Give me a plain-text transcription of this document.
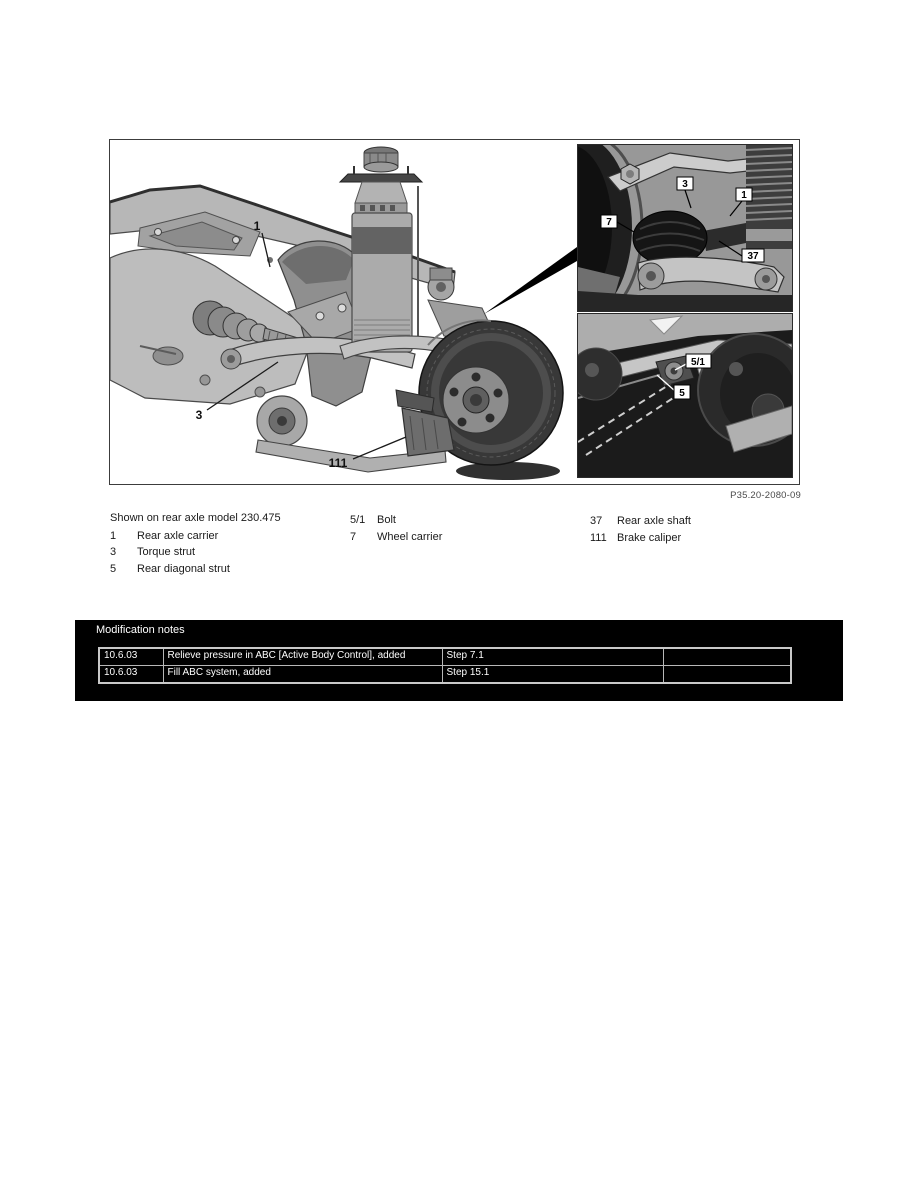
1
3
111
3
1
7
37
5/1
5
P35.20-2080-09
Shown on rear axle model 230.475
1 Rear axle carrier
3 Torque strut
5 Rear diagonal strut
5/1 Bolt
7 Wheel carrier
37 Rear axle shaft
111 Brake caliper
Modification notes
10.6.03	Relieve pressure in ABC [Active Body Control], added	Step 7.1	
10.6.03	Fill ABC system, added	Step 15.1	
